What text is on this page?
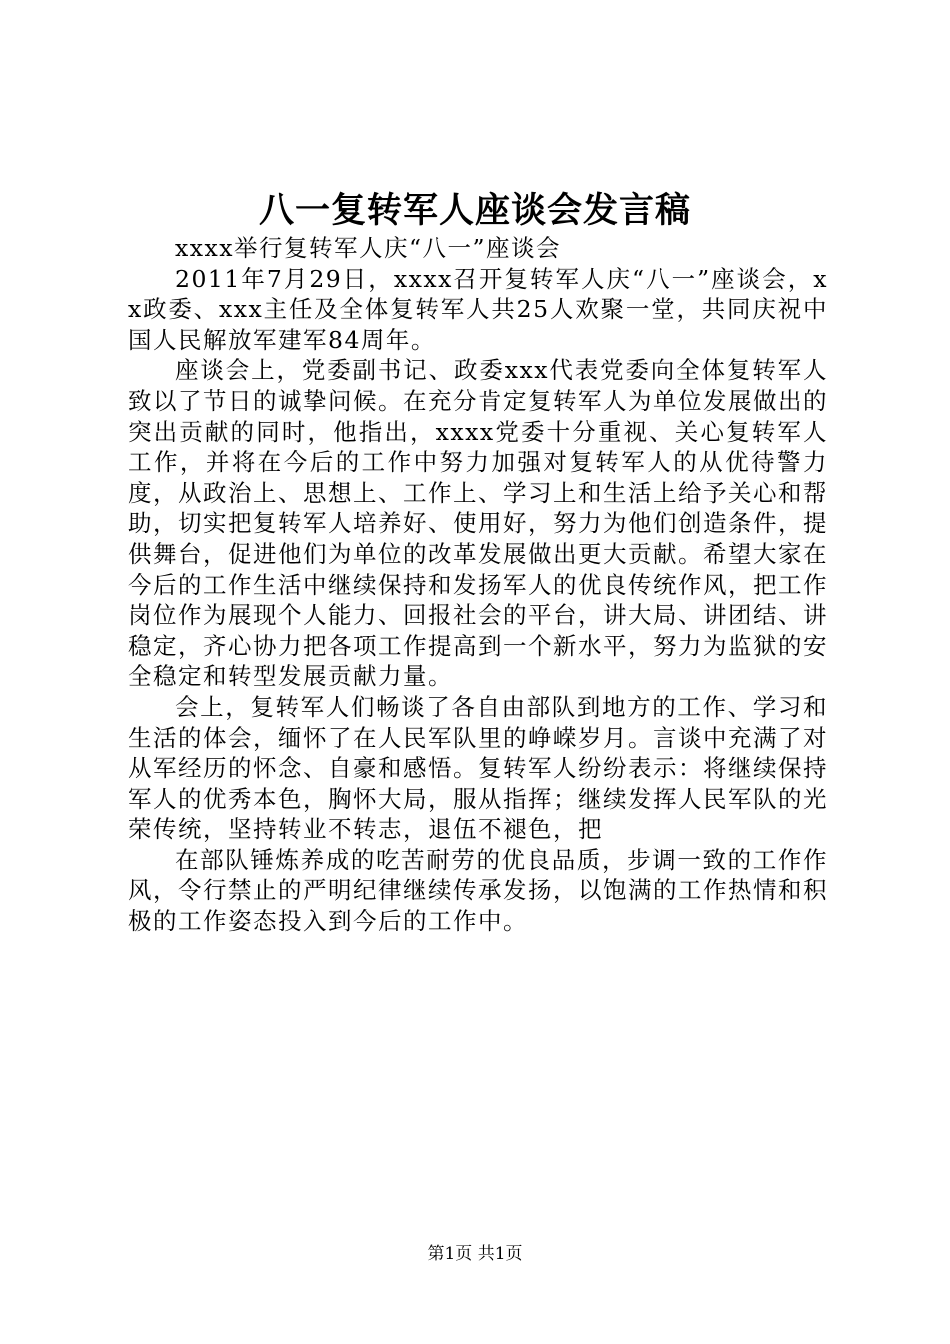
八一复转军人座谈会发言稿

xxxx举行复转军人庆“八一”座谈会

2011年7月29日，xxxx召开复转军人庆“八一”座谈会，xx政委、xxx主任及全体复转军人共25人欢聚一堂，共同庆祝中国人民解放军建军84周年。

座谈会上，党委副书记、政委xxx代表党委向全体复转军人致以了节日的诚挚问候。在充分肯定复转军人为单位发展做出的突出贡献的同时，他指出，xxxx党委十分重视、关心复转军人工作，并将在今后的工作中努力加强对复转军人的从优待警力度，从政治上、思想上、工作上、学习上和生活上给予关心和帮助，切实把复转军人培养好、使用好，努力为他们创造条件，提供舞台，促进他们为单位的改革发展做出更大贡献。希望大家在今后的工作生活中继续保持和发扬军人的优良传统作风，把工作岗位作为展现个人能力、回报社会的平台，讲大局、讲团结、讲稳定，齐心协力把各项工作提高到一个新水平，努力为监狱的安全稳定和转型发展贡献力量。

会上，复转军人们畅谈了各自由部队到地方的工作、学习和生活的体会，缅怀了在人民军队里的峥嵘岁月。言谈中充满了对从军经历的怀念、自豪和感悟。复转军人纷纷表示：将继续保持军人的优秀本色，胸怀大局，服从指挥；继续发挥人民军队的光荣传统，坚持转业不转志，退伍不褪色，把

在部队锤炼养成的吃苦耐劳的优良品质，步调一致的工作作风，令行禁止的严明纪律继续传承发扬，以饱满的工作热情和积极的工作姿态投入到今后的工作中。

第1页 共1页
